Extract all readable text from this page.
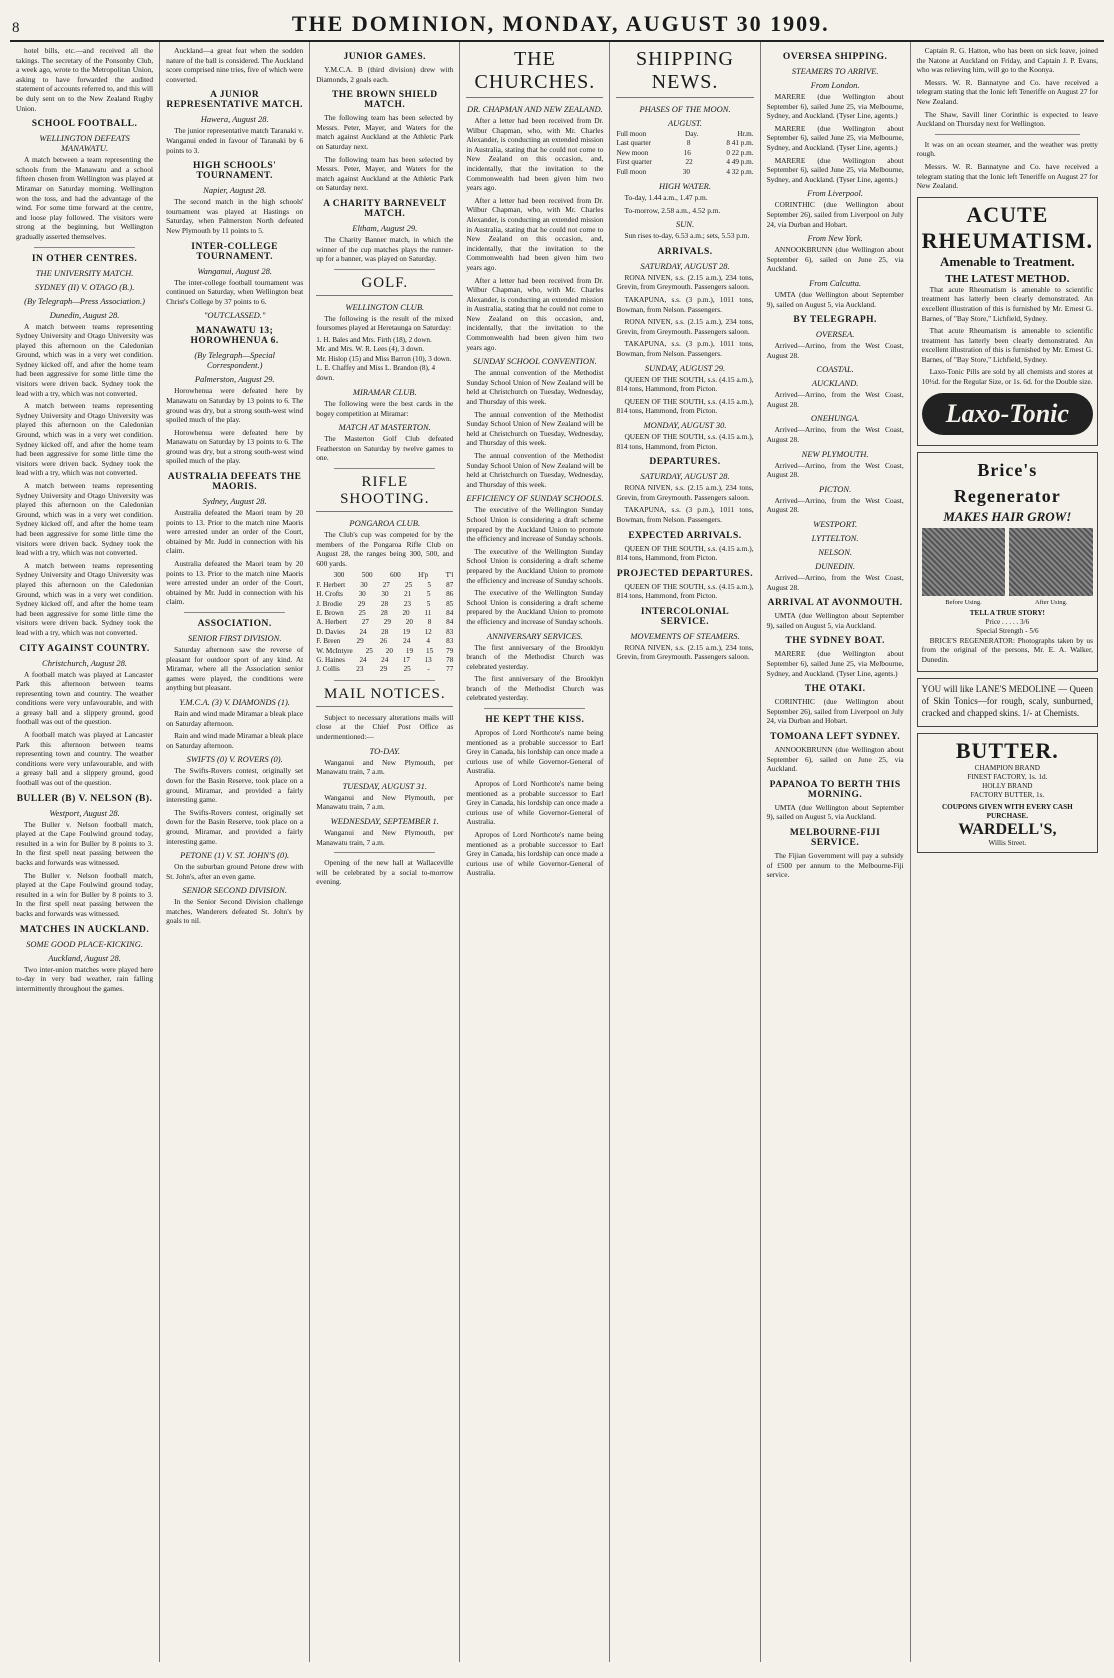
8	THE DOMINION, MONDAY, AUGUST 30 1909.

hotel bills, etc.—and received all the takings. The secretary of the Ponsonby Club, a week ago, wrote to the Metropolitan Union, asking to have forwarded the audited statement of accounts referred to, and this will be duly sent on to the New Zealand Rugby Union.

SCHOOL FOOTBALL.
WELLINGTON DEFEATS MANAWATU.

A match between a team representing the schools from the Manawatu and a school fifteen chosen from Wellington was played at Miramar on Saturday morning. Wellington won the toss, and had the advantage of the wind. For some time forward at the centre, and loose play followed. The visitors were strong at the beginning, but Wellington gradually asserted themselves.

IN OTHER CENTRES.
THE UNIVERSITY MATCH.
SYDNEY (II) V. OTAGO (B.).
(By Telegraph—Press Association.)
Dunedin, August 28.

A match between teams representing Sydney University and Otago University was played this afternoon on the Caledonian Ground, which was in a very wet condition. Sydney kicked off, and after the home team had been aggressive for some little time the visitors were driven back. Sydney took the lead with a try, which was not converted.

A match between teams representing Sydney University and Otago University was played this afternoon on the Caledonian Ground, which was in a very wet condition. Sydney kicked off, and after the home team had been aggressive for some little time the visitors were driven back. Sydney took the lead with a try, which was not converted.

A match between teams representing Sydney University and Otago University was played this afternoon on the Caledonian Ground, which was in a very wet condition. Sydney kicked off, and after the home team had been aggressive for some little time the visitors were driven back. Sydney took the lead with a try, which was not converted.

A match between teams representing Sydney University and Otago University was played this afternoon on the Caledonian Ground, which was in a very wet condition. Sydney kicked off, and after the home team had been aggressive for some little time the visitors were driven back. Sydney took the lead with a try, which was not converted.

CITY AGAINST COUNTRY.
Christchurch, August 28.

A football match was played at Lancaster Park this afternoon between teams representing town and country. The weather conditions were very unfavourable, and with a greasy ball and a slippery ground, good football was out of the question.

A football match was played at Lancaster Park this afternoon between teams representing town and country. The weather conditions were very unfavourable, and with a greasy ball and a slippery ground, good football was out of the question.

BULLER (B) V. NELSON (B).
Westport, August 28.

The Buller v. Nelson football match, played at the Cape Foulwind ground today, resulted in a win for Buller by 8 points to 3. In the first spell neat passing between the backs and forwards was witnessed.

The Buller v. Nelson football match, played at the Cape Foulwind ground today, resulted in a win for Buller by 8 points to 3. In the first spell neat passing between the backs and forwards was witnessed.

MATCHES IN AUCKLAND.
SOME GOOD PLACE-KICKING.
Auckland, August 28.

Two inter-union matches were played here to-day in very bad weather, rain falling intermittently throughout the games.

Auckland—a great feat when the sodden nature of the ball is considered. The Auckland score comprised nine tries, five of which were converted.

A JUNIOR REPRESENTATIVE MATCH.
Hawera, August 28.

The junior representative match Taranaki v. Wanganui ended in favour of Taranaki by 6 points to 3.

HIGH SCHOOLS' TOURNAMENT.
Napier, August 28.

The second match in the high schools' tournament was played at Hastings on Saturday, when Palmerston North defeated New Plymouth by 11 points to 5.

INTER-COLLEGE TOURNAMENT.
Wanganui, August 28.

The inter-college football tournament was continued on Saturday, when Wellington beat Christ's College by 37 points to 6.

"OUTCLASSED."
MANAWATU 13; HOROWHENUA 6.
(By Telegraph—Special Correspondent.)
Palmerston, August 29.

Horowhenua were defeated here by Manawatu on Saturday by 13 points to 6. The ground was dry, but a strong south-west wind spoiled much of the play.

Horowhenua were defeated here by Manawatu on Saturday by 13 points to 6. The ground was dry, but a strong south-west wind spoiled much of the play.

AUSTRALIA DEFEATS THE MAORIS.
Sydney, August 28.

Australia defeated the Maori team by 20 points to 13. Prior to the match nine Maoris were arrested under an order of the Court, obtained by Mr. Judd in connection with his claim.

Australia defeated the Maori team by 20 points to 13. Prior to the match nine Maoris were arrested under an order of the Court, obtained by Mr. Judd in connection with his claim.

ASSOCIATION.
SENIOR FIRST DIVISION.

Saturday afternoon saw the reverse of pleasant for outdoor sport of any kind. At Miramar, where all the Association senior games were played, the conditions were anything but pleasant.

Y.M.C.A. (3) V. DIAMONDS (1).

Rain and wind made Miramar a bleak place on Saturday afternoon.

Rain and wind made Miramar a bleak place on Saturday afternoon.

SWIFTS (0) V. ROVERS (0).

The Swifts-Rovers contest, originally set down for the Basin Reserve, took place on a ground, Miramar, and provided a fairly interesting game.

The Swifts-Rovers contest, originally set down for the Basin Reserve, took place on a ground, Miramar, and provided a fairly interesting game.

PETONE (1) V. ST. JOHN'S (0).

On the suburban ground Petone drew with St. John's, after an even game.

SENIOR SECOND DIVISION.

In the Senior Second Division challenge matches, Wanderers defeated St. John's by goals to nil.

JUNIOR GAMES.

Y.M.C.A. B (third division) drew with Diamonds, 2 goals each.

THE BROWN SHIELD MATCH.

The following team has been selected by Messrs. Peter, Mayer, and Waters for the match against Auckland at the Athletic Park on Saturday next.

The following team has been selected by Messrs. Peter, Mayer, and Waters for the match against Auckland at the Athletic Park on Saturday next.

A CHARITY BARNEVELT MATCH.
Eltham, August 29.

The Charity Banner match, in which the winner of the cup matches plays the runner-up for a banner, was played on Saturday.

GOLF.
WELLINGTON CLUB.

The following is the result of the mixed foursomes played at Heretaunga on Saturday:

1. H. Bales and Mrs. Firth (18), 2 down.
Mr. and Mrs. W. R. Lees (4), 3 down.
Mr. Hislop (15) and Miss Barron (10), 3 down.
L. E. Chaffey and Miss L. Brandon (8), 4 down.
MIRAMAR CLUB.

The following were the best cards in the bogey competition at Miramar:

MATCH AT MASTERTON.

The Masterton Golf Club defeated Featherston on Saturday by twelve games to one.

RIFLE SHOOTING.
PONGAROA CLUB.

The Club's cup was competed for by the members of the Pongaroa Rifle Club on August 28, the ranges being 300, 500, and 600 yards.

300 500 600 H'p T'l
F. Herbert 30 27 25 5 87
H. Crofts 30 30 21 5 86
J. Brodie 29 28 23 5 85
E. Brown 25 28 20 11 84
A. Herbert 27 29 20 8 84
D. Davies 24 28 19 12 83
F. Breen 29 26 24 4 83
W. McIntyre 25 20 19 15 79
G. Haines 24 24 17 13 78
J. Collis 23 29 25 - 77
MAIL NOTICES.

Subject to necessary alterations mails will close at the Chief Post Office as undermentioned:—

TO-DAY.

Wanganui and New Plymouth, per Manawatu train, 7 a.m.

TUESDAY, AUGUST 31.

Wanganui and New Plymouth, per Manawatu train, 7 a.m.

WEDNESDAY, SEPTEMBER 1.

Wanganui and New Plymouth, per Manawatu train, 7 a.m.

Opening of the new hall at Wallaceville will be celebrated by a social to-morrow evening.

THE CHURCHES.
DR. CHAPMAN AND NEW ZEALAND.

After a letter had been received from Dr. Wilbur Chapman, who, with Mr. Charles Alexander, is conducting an extended mission in Australia, stating that he could not come to New Zealand on this occasion, and, incidentally, that the invitation to the Commonwealth had been given him two years ago.

After a letter had been received from Dr. Wilbur Chapman, who, with Mr. Charles Alexander, is conducting an extended mission in Australia, stating that he could not come to New Zealand on this occasion, and, incidentally, that the invitation to the Commonwealth had been given him two years ago.

After a letter had been received from Dr. Wilbur Chapman, who, with Mr. Charles Alexander, is conducting an extended mission in Australia, stating that he could not come to New Zealand on this occasion, and, incidentally, that the invitation to the Commonwealth had been given him two years ago.

SUNDAY SCHOOL CONVENTION.

The annual convention of the Methodist Sunday School Union of New Zealand will be held at Christchurch on Tuesday, Wednesday, and Thursday of this week.

The annual convention of the Methodist Sunday School Union of New Zealand will be held at Christchurch on Tuesday, Wednesday, and Thursday of this week.

The annual convention of the Methodist Sunday School Union of New Zealand will be held at Christchurch on Tuesday, Wednesday, and Thursday of this week.

EFFICIENCY OF SUNDAY SCHOOLS.

The executive of the Wellington Sunday School Union is considering a draft scheme prepared by the Auckland Union to promote the efficiency and increase of Sunday schools.

The executive of the Wellington Sunday School Union is considering a draft scheme prepared by the Auckland Union to promote the efficiency and increase of Sunday schools.

The executive of the Wellington Sunday School Union is considering a draft scheme prepared by the Auckland Union to promote the efficiency and increase of Sunday schools.

ANNIVERSARY SERVICES.

The first anniversary of the Brooklyn branch of the Methodist Church was celebrated yesterday.

The first anniversary of the Brooklyn branch of the Methodist Church was celebrated yesterday.

HE KEPT THE KISS.

Apropos of Lord Northcote's name being mentioned as a probable successor to Earl Grey in Canada, his lordship can once made a curious use of while Governor-General of Australia.

Apropos of Lord Northcote's name being mentioned as a probable successor to Earl Grey in Canada, his lordship can once made a curious use of while Governor-General of Australia.

Apropos of Lord Northcote's name being mentioned as a probable successor to Earl Grey in Canada, his lordship can once made a curious use of while Governor-General of Australia.

SHIPPING NEWS.
PHASES OF THE MOON.
AUGUST.
Full moon	Day.	Hr.m.
Last quarter	8	8 41 p.m.
New moon	16	0 22 p.m.
First quarter	22	4 49 p.m.
Full moon	30	4 32 p.m.
HIGH WATER.

To-day, 1.44 a.m., 1.47 p.m.

To-morrow, 2.58 a.m., 4.52 p.m.

SUN.

Sun rises to-day, 6.53 a.m.; sets, 5.53 p.m.

ARRIVALS.
SATURDAY, AUGUST 28.

RONA NIVEN, s.s. (2.15 a.m.), 234 tons, Grevin, from Greymouth. Passengers saloon.

TAKAPUNA, s.s. (3 p.m.), 1011 tons, Bowman, from Nelson. Passengers.

RONA NIVEN, s.s. (2.15 a.m.), 234 tons, Grevin, from Greymouth. Passengers saloon.

TAKAPUNA, s.s. (3 p.m.), 1011 tons, Bowman, from Nelson. Passengers.

SUNDAY, AUGUST 29.

QUEEN OF THE SOUTH, s.s. (4.15 a.m.), 814 tons, Hammond, from Picton.

QUEEN OF THE SOUTH, s.s. (4.15 a.m.), 814 tons, Hammond, from Picton.

MONDAY, AUGUST 30.

QUEEN OF THE SOUTH, s.s. (4.15 a.m.), 814 tons, Hammond, from Picton.

DEPARTURES.
SATURDAY, AUGUST 28.

RONA NIVEN, s.s. (2.15 a.m.), 234 tons, Grevin, from Greymouth. Passengers saloon.

TAKAPUNA, s.s. (3 p.m.), 1011 tons, Bowman, from Nelson. Passengers.

EXPECTED ARRIVALS.

QUEEN OF THE SOUTH, s.s. (4.15 a.m.), 814 tons, Hammond, from Picton.

PROJECTED DEPARTURES.

QUEEN OF THE SOUTH, s.s. (4.15 a.m.), 814 tons, Hammond, from Picton.

INTERCOLONIAL SERVICE.
MOVEMENTS OF STEAMERS.

RONA NIVEN, s.s. (2.15 a.m.), 234 tons, Grevin, from Greymouth. Passengers saloon.

OVERSEA SHIPPING.
STEAMERS TO ARRIVE.
From London.

MARERE (due Wellington about September 6), sailed June 25, via Melbourne, Sydney, and Auckland. (Tyser Line, agents.)

MARERE (due Wellington about September 6), sailed June 25, via Melbourne, Sydney, and Auckland. (Tyser Line, agents.)

MARERE (due Wellington about September 6), sailed June 25, via Melbourne, Sydney, and Auckland. (Tyser Line, agents.)

From Liverpool.

CORINTHIC (due Wellington about September 26), sailed from Liverpool on July 24, via Durban and Hobart.

From New York.

ANNOOKBRUNN (due Wellington about September 6), sailed on June 25, via Auckland.

From Calcutta.

UMTA (due Wellington about September 9), sailed on August 5, via Auckland.

BY TELEGRAPH.
OVERSEA.

Arrived—Arrino, from the West Coast, August 28.

COASTAL.
AUCKLAND.

Arrived—Arrino, from the West Coast, August 28.

ONEHUNGA.

Arrived—Arrino, from the West Coast, August 28.

NEW PLYMOUTH.

Arrived—Arrino, from the West Coast, August 28.

PICTON.

Arrived—Arrino, from the West Coast, August 28.

WESTPORT.
LYTTELTON.
NELSON.
DUNEDIN.

Arrived—Arrino, from the West Coast, August 28.

ARRIVAL AT AVONMOUTH.

UMTA (due Wellington about September 9), sailed on August 5, via Auckland.

THE SYDNEY BOAT.

MARERE (due Wellington about September 6), sailed June 25, via Melbourne, Sydney, and Auckland. (Tyser Line, agents.)

THE OTAKI.

CORINTHIC (due Wellington about September 26), sailed from Liverpool on July 24, via Durban and Hobart.

TOMOANA LEFT SYDNEY.

ANNOOKBRUNN (due Wellington about September 6), sailed on June 25, via Auckland.

PAPANOA TO BERTH THIS MORNING.

UMTA (due Wellington about September 9), sailed on August 5, via Auckland.

MELBOURNE-FIJI SERVICE.

The Fijian Government will pay a subsidy of £500 per annum to the Melbourne-Fiji service.

Captain R. G. Hatton, who has been on sick leave, joined the Natone at Auckland on Friday, and Captain J. P. Evans, who was relieving him, will go to the Koonya.

Messrs. W. R. Bannatyne and Co. have received a telegram stating that the Ionic left Teneriffe on August 27 for New Zealand.

The Shaw, Savill liner Corinthic is expected to leave Auckland on Thursday next for Wellington.

It was on an ocean steamer, and the weather was pretty rough.

Messrs. W. R. Bannatyne and Co. have received a telegram stating that the Ionic left Teneriffe on August 27 for New Zealand.

ACUTE RHEUMATISM.
Amenable to Treatment.
THE LATEST METHOD.

That acute Rheumatism is amenable to scientific treatment has latterly been clearly demonstrated. An excellent illustration of this is furnished by Mr. Ernest G. Barnes, of "Bay Store," Lichfield, Sydney.

That acute Rheumatism is amenable to scientific treatment has latterly been clearly demonstrated. An excellent illustration of this is furnished by Mr. Ernest G. Barnes, of "Bay Store," Lichfield, Sydney.

Laxo-Tonic Pills are sold by all chemists and stores at 10½d. for the Regular Size, or 1s. 6d. for the Double size.

Laxo-Tonic
Brice's Regenerator
MAKES HAIR GROW!
Before Using.	After Using.
TELL A TRUE STORY!
Price . . . . . 3/6
Special Strength - 5/6

BRICE'S REGENERATOR: Photographs taken by us from the original of the persons, Mr. E. A. Walker, Dunedin.

YOU will like LANE'S MEDOLINE — Queen of Skin Tonics—for rough, scaly, sunburned, cracked and chapped skins. 1/- at Chemists.

BUTTER.
CHAMPION BRAND
FINEST FACTORY, 1s. 1d.
HOLLY BRAND
FACTORY BUTTER, 1s.
COUPONS GIVEN WITH EVERY CASH PURCHASE.
WARDELL'S,
Willis Street.
